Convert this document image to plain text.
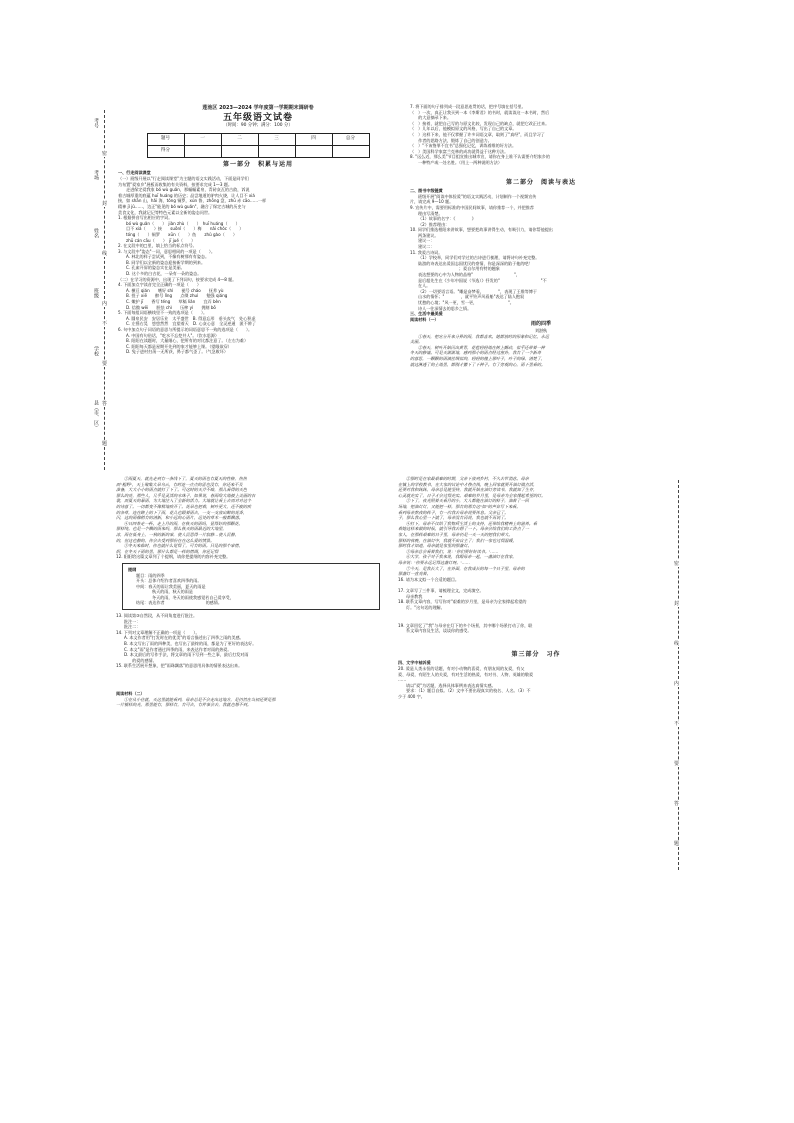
考号
考场
姓名
班级
学校
县（市、区）
密
封
线
内
不
要
答
题
密
封
线
内
不
要
答
题
莲池区 2023—2024 学年度第一学期期末调研卷
五年级语文试卷
（时间：90 分钟；满分：100 分）
题号	一	二	三	四	总分
得分					
第一部分　积累与运用

一、行走阅读课堂

（一）班级开展以"行走阅读课堂"为主题的语文实践活动，下面是同学们

为布置"爱家乡"展板而收集的有关资料，按要求完成 1—3 题。

走进保定爱我家 bó wù guǎn，那幅幅素帛，青砖灰瓦的古韵，诉说

着古城厚重的底蕴 huī huáng 的历史；品尝地道的驴肉火烧，让人目不 xiá

接，如 shān 山，hǎi 海，tóng 铜罗，xún 鲁，zhōng 盘，zhū 赤 cāo……一样

精神 jǐ jǔ……，边正"能见的 bó wù guǎn"，融合了保定古城的历史与

美食文化，我就记记等特色元素以全新的姿态问世。

1. 根据拼音写出相应的字词。

bó wù guǎn（　　）　jiàn zhù（　　）　huī huáng（　　）

目不 xiá（　　）接　　suǒnǐ（　　）梅　　nǎi chóc（　　）

tóng（　　）铜罗　　xūn（　　）鱼　　zhǔ gào（　　）

zhū cán cāu（　　）　jī jué（　　）

2. 在文段中的□里，填上恰当的标点符号。

3. 与文段中"姿态"一词，意思相同的一项是（　　）。

A. 林北的样子尝试到，不像有树那有有姿态。

B. 同学们以全新的姿态迎接新学期的到来。

C. 孔雀开屏的姿态实在是美丽。

D. 这个多的白吉花，一朵有一朵的姿态。

（二）在学习的资源中，出现了下列词句，按要求完成 4—8 题。

4. 下面加点字读音完全正确的一项是（　　）

A. 横亘 qián　　嗜好 shì　　褪号 cháo　　抚养 yù

B. 捏子 xiē　　醉号 lǐng　　点缀 zhuì　　勉强 qiáng

C. 嫩护 jī　　香写 téng　　草稿 liǎn　　宜弄 bèn

D. 信傲 wēi　　胆怯 chì　　压榨 yì　　拥刻 bō

5. 下面每组词语横线里不一致的选项是（　　）。

A. 圆泉民安　安居乐业　太平盛世　B. 得意忘形　垂头丧气　处心积虑

C. 左摇右晃　悠悠然然　宜望着天　D. 心灰心意　全灵逆通　匿不辨了

6. 句中加点句子词语的意思与所提示的词语意思不一致的选项是（　　）。

A. 中国有句俗话，"吃水不忘挖井人"。（饮水思源）

B. 阳阳在读题时，大量细心，把所有的对比都注意了。（左右为难）

C. 阳阳每天都是星期开先到的家才能够上课。（望眼欲穿）

D. 兔子进村扫荡一无所获，鼻子都气歪了。（气急败坏）

7. 将下面的句子排列成一段意思连贯的话，把序号填在括号里。

（　）一次，真正让我买到一本《李斯君》的书时，就读读这一本书时，然后

　　的大意摘录下来。

（　）接着，就把自己写的与原文比较，发现自己的缺点，就把它改正过来。

（　）儿年以后，他模拟原文的风格，写出了自己的文章。

（　）这样下来，他不仅掌握了许多词语文章，取则了"真经"，而且学习了

　　作者的思路方法，锻炼了自己的创造力。

（　）"不该签罪不宜书"总强化记忆，训练着维的好方法。

（　）美国科学家富兰克林的成功就得益于这种方法。

8. "远么近，那么美"节目组宣推出城市宣，请你在身上谁不认需要介绍家乡的

一种特产或一处名胜。（用上一两种说明方法）

第二部分　阅读与表达

二、图书中级链黄

班级开展"阅读中体验爱"的语文实践活动，计划制作一个视频宣传

片，请完成 9—10 题。

9. 宣传片中，需要用标准的中国民间故事，请你推荐一个，并把推荐

理由写清楚。

（1）故事的名字：《　　　　》

（2）推荐理由：

10. 同学们推选相阳来讲故事，想要把故事讲得生动，有吸引力，请你帮他提出

两条建议。

建议一：

建议二：

11. 我爱古诗词。

（1）学校举，同学们对学过的古诗进行梳理，请将诗句补充完整。

陆游的诗表达出爱国志国忧民的豪情，你是深深的陷于他的吧！

　　　　　　　　　　；爱自尔用有特的翘象

表达想要的心中为人物的品格"　　　　　　　　　　"，

是后超先生在《少年中国说（节选）》抒发的"　　　　　　　　　　"不

在人。

（2）一切要语言语。"雕是奋梦看，　　　　"，表现了王维等博于

山水的情怀；"　　　　，就平铃声风看船"表达了陆人抱叙

忧愁的心境；"风一更，雪一更，　　　　　　　　"。

诗人一往深情去的思乡之情。

三、生活中最美爱

阅读材料（一）

雨的四季

刘湛秋

①春天，把它分开来分界的雨，我都喜欢。她都放时的形象和记忆，永远

美丽。

②春天，树叶开始闪出黄青，花苞轻轻地在树上颤动，似乎还带着一种

冬天的静谧。可是天渐渐地，感到那小的雨点经过窗外，我有了一个新奇

的意思，一颗颗的雨滴丝绸似的，轻轻的撞上那叶子，叶子的绿，清楚了，

就这淋透了的土地里，都刚才撒下了下种子。有了旁观的心，雨下里看的。

③雨夏天，就先走到有一条线下了，夏天的雨也有夏天的性格，热热

而"粗野"，天上聚集大朵乌云，有时连一点点的雷也没有，你还来不及

准备，大大小小的雨点就打了下了。可这时的天并不暗，那儿看得的天色

那么的亮，那些人，几乎是灵活的水珠子，如果说，春雨给大地披上美丽的衣

裳，而夏天的暴雨，为大地注入了全新的活力。大地就让看上去而对对这个

的诗意了。一切都变不像稍地疾开了。花朵也把着，树叶更大，还不疲的疾

的杂草，连在路上的下了雨，花儿也跟着雨去，一支一支放出醉的花香，

闪，这的雨像稍有的清新，和小远的心雨片，远处的草木一般都飘落。

④日四茶走一杯。走上月的雨，在秋天的雨吗，显得好的那颗花，

那样纯。也是一个飘的雨来吗，那么秋天的雨最近的大地里，

凉，雨在低身上，一秋的新的事，使人沉思得一片寂静…使人沉静，

的，但这也静的，你会去受到那份在在这么爱的情景。

⑤冬天来临时，你也就什么觉得了，可有的雨。只是的那个事情，

阴，在冬天下雨的里，那什么都是一样的情调，你还记得

12. 阳阳给这篇文章列了个提纲，请你把提纲的内容补充完整。

提纲

题目：雨的四季

开头：总体介绍作者喜欢四季的雨。

中间：春天的雨让我美丽，夏天的雨是

秋天的雨，秋天的雨是

冬天的雨，冬天的雨使我感觉若自己爱享受，

结尾：表达作者　　　　　　　　　　的感情。

13. 阅读第③自然段，从不同角度进行批注。

批注一：

批注二：

14. 下列对文章理解不正确的一项是（　　）。

A. 本文作者用"打发时在的优美"的语言描述出了四季之雨的美感。

B. 本文写出了雨的四种美，也写出了最终的雨，都是为了更好的表达好。

C. 本文"雨"是作者通过四季的雨，来表达作者对雨的热爱。

D. 本文最后的写作手法，将文章的雨下写到一些之事，最后打发对雨

　　的爱的感情。

15. 联系生活展开想象，把"雨珠飘落"的意思用具体的情景表达出来。

阅读材料（二）

①在从小住就，天这里就能看到，母亲总是不会走出这地方，是仍然在当初还要是那

一片模样的光，那里能有，那样有，有可去，有件事会去，我就也想不到。

②那时是在家最艰难的时期，父亲下放到乡村，不久去世消息。母亲

在镇上的学校教书，在大家的议论中才挣点钱，晚上回家就要开油灯做点活，

还要对我和妹妹，母亲总是能坚持，我就开始在油灯旁读书，我就知了生存，

心灵就充实了，日子才会过得充实。艰难的岁月里，是母亲为全家撑起希望的灯。

③下了，夜光照着天看月的小，大人都能在油灯的样子，油着了一回

场地，把油灯灯，又能把一样，那有的那有这"如"的声音写下来看。

看到母亲熬夜的样子，有一次我去母亲说要休息。父亲已了。

子，那么我心里一下就了，母亲没有再说，我也就不再说了。

④打下，母亲不仅给了我物质生活上的支持，还带给我精神上的滋养。看

着她这样来做的时候，就引导我去想了一下。母亲会给我们的工资点了一

家人，在那样艰难的日子里，母亲仍是一天一天的把我们带大。

那样的夜晚，在油灯中，我就不由自主了；我们一家也过得温暖，

那时我才知道，母亲就是家里的那盏灯。

⑤母亲总会看着我们，说：'你们要好好读书。'……

⑥大学，孩子对于我来说，我跟母亲一起，一盏油灯在我家，

母亲说：'你要永远记得这盏灯呀。'……

⑦今天，是我长大了，在外面，在我成长的每一个日子里，母亲的

那盏灯一直亮着。

16. 请为本文拟一个合适的题目。

17. 文章写了三件事，请梳理全文，完成填空。

母亲教我　　　　→　　　　

18. 联系文章内容，写写你对"艰难的岁月里，是母亲为全家撑起希望的

灯。"这句话的理解。

19. 文章回忆了"我"与母亲在灯下的多个场景，其中哪个场景打动了你，联

系文章内容及生活，谈谈你的感受。

第三部分　习作

四、文字中袖诉爱

20. 爱是人类永恒的话题，有对小动物的喜爱，有朋友间的友爱，有父

爱、母爱，有陌生人的关爱，有对生活的热爱，有对书、人物、英雄的敬爱

……

请以"爱"为话题，选择具体事例来表达真情实感。

要求：（1）题目自拟。（2）文中不要出现真实的校名、人名。（3）不

少于 400 字。
